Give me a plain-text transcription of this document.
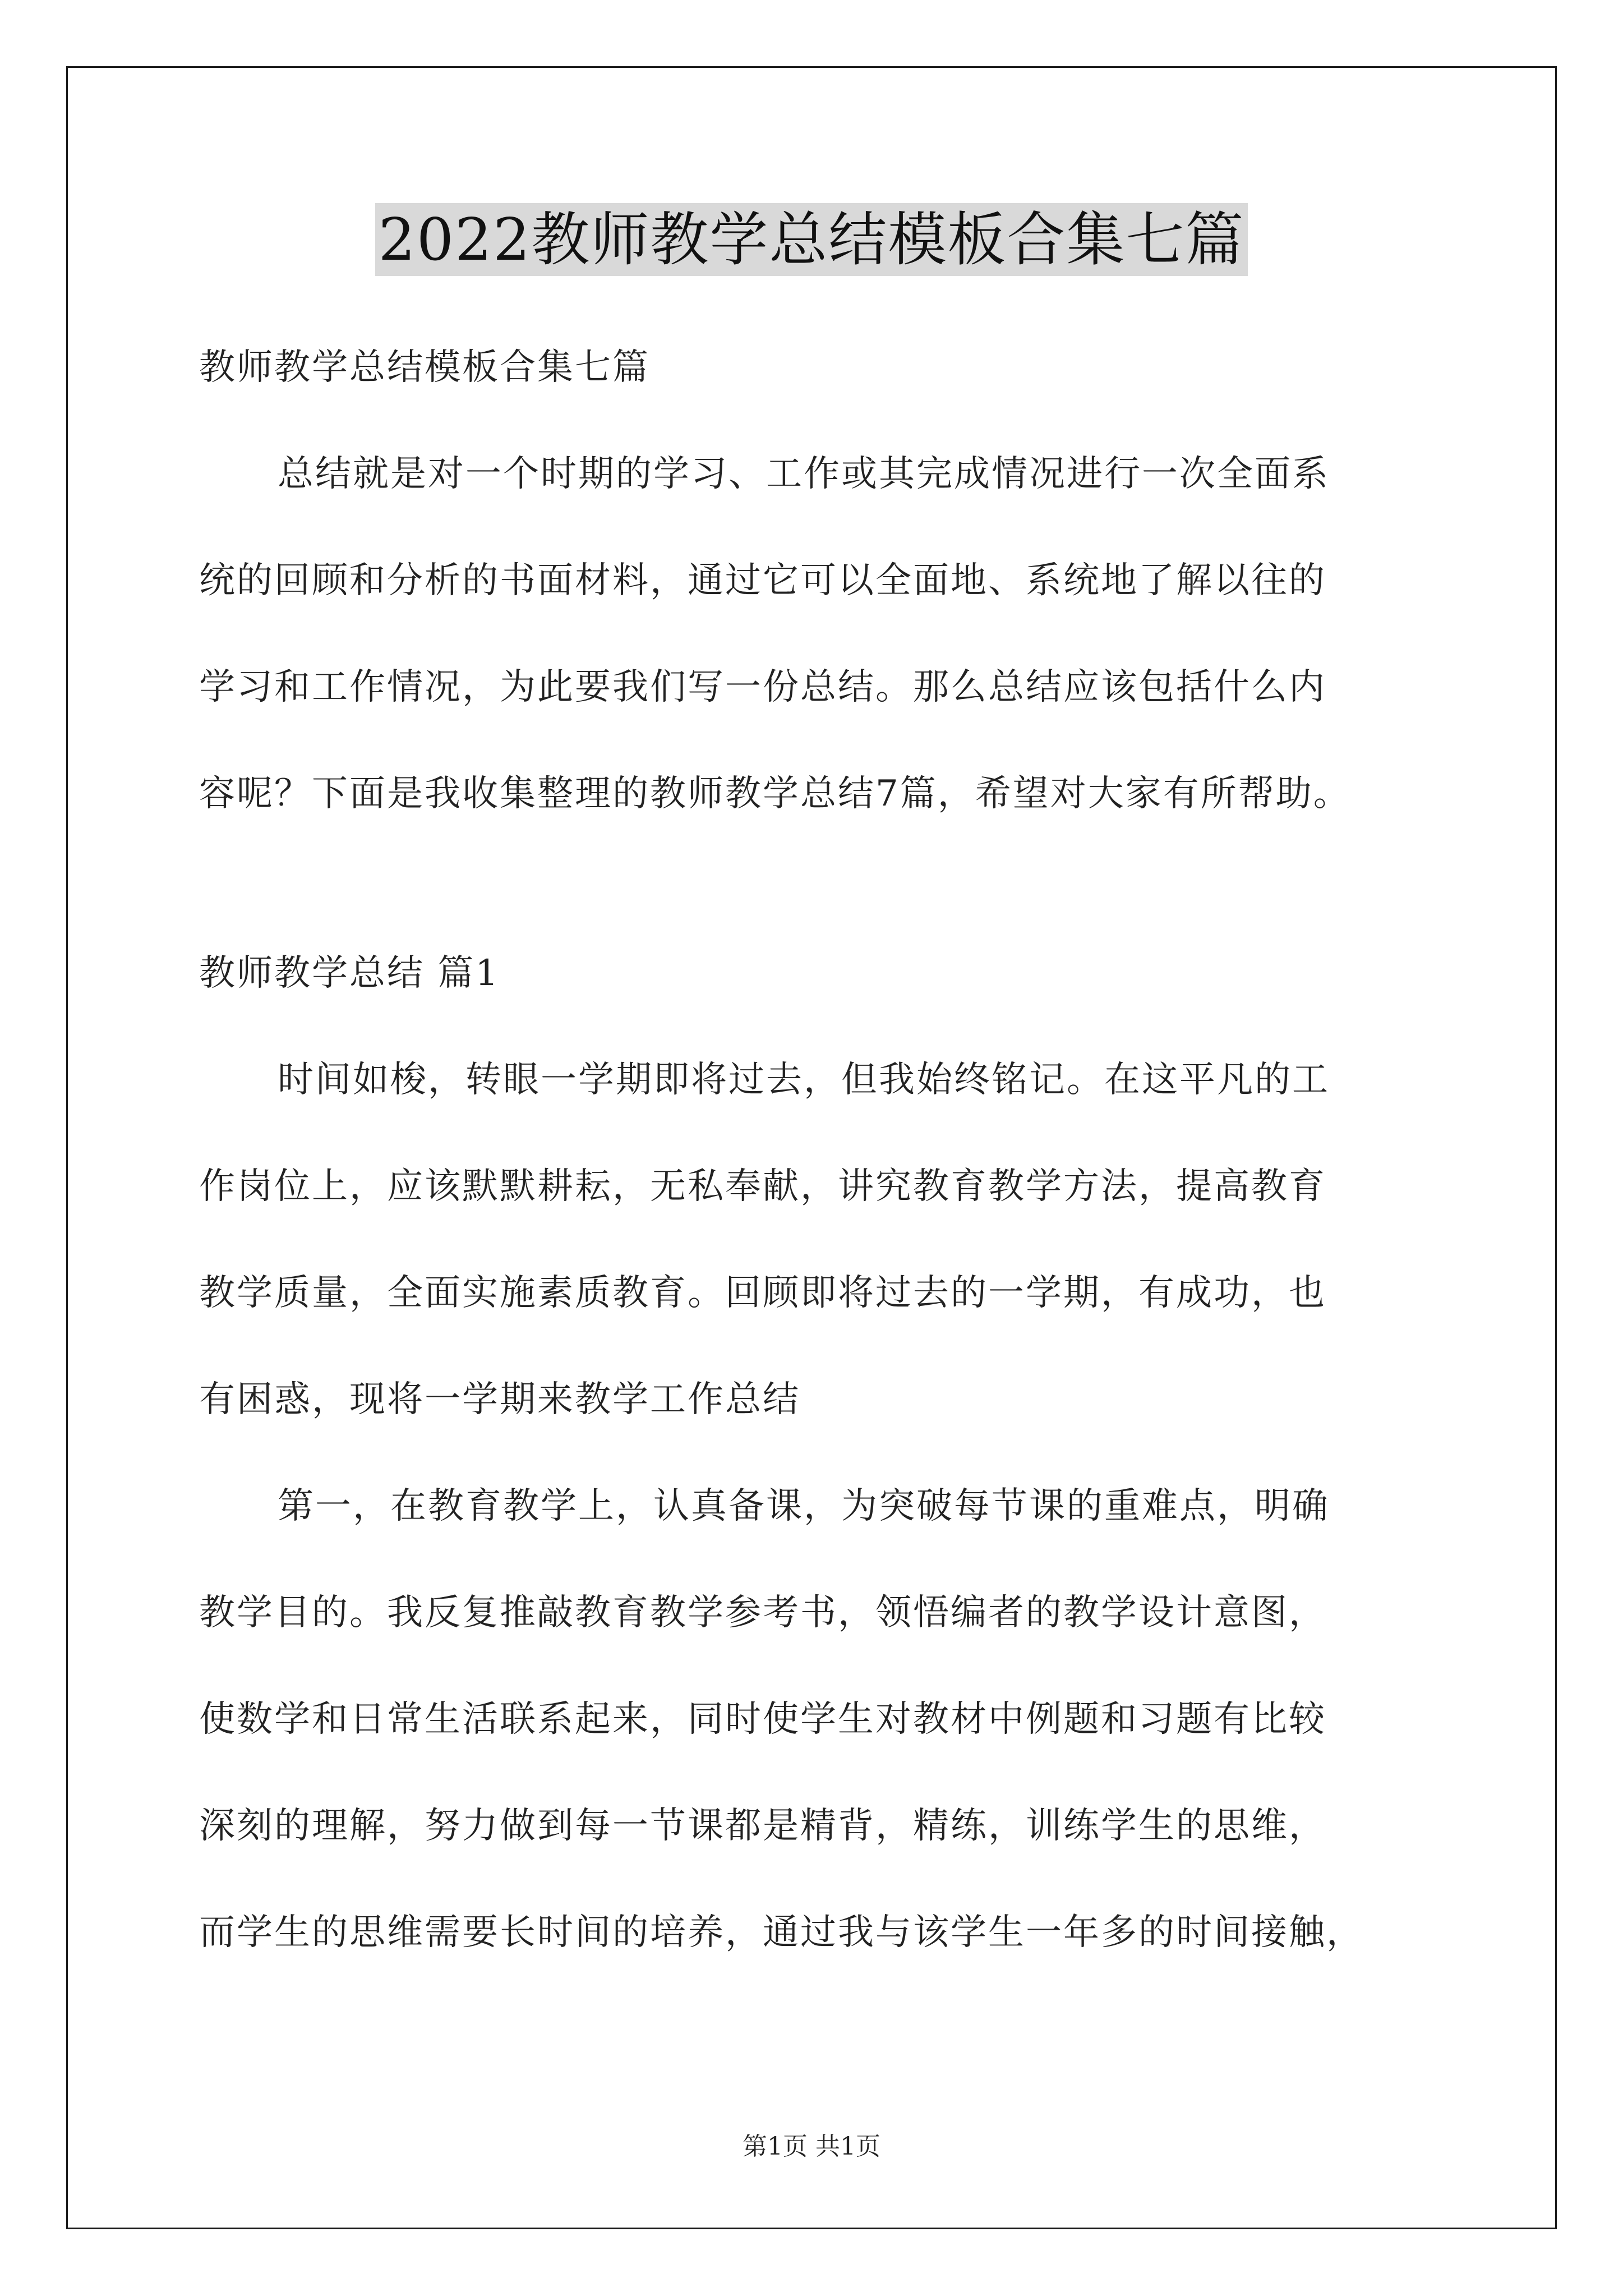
2022教师教学总结模板合集七篇
教师教学总结模板合集七篇
总结就是对一个时期的学习、工作或其完成情况进行一次全面系
统的回顾和分析的书面材料，通过它可以全面地、系统地了解以往的
学习和工作情况，为此要我们写一份总结。那么总结应该包括什么内
容呢？下面是我收集整理的教师教学总结7篇，希望对大家有所帮助。
教师教学总结 篇1
时间如梭，转眼一学期即将过去，但我始终铭记。在这平凡的工
作岗位上，应该默默耕耘，无私奉献，讲究教育教学方法，提高教育
教学质量，全面实施素质教育。回顾即将过去的一学期，有成功，也
有困惑，现将一学期来教学工作总结
第一，在教育教学上，认真备课，为突破每节课的重难点，明确
教学目的。我反复推敲教育教学参考书，领悟编者的教学设计意图，
使数学和日常生活联系起来，同时使学生对教材中例题和习题有比较
深刻的理解，努力做到每一节课都是精背，精练，训练学生的思维，
而学生的思维需要长时间的培养，通过我与该学生一年多的时间接触，
第1页 共1页
